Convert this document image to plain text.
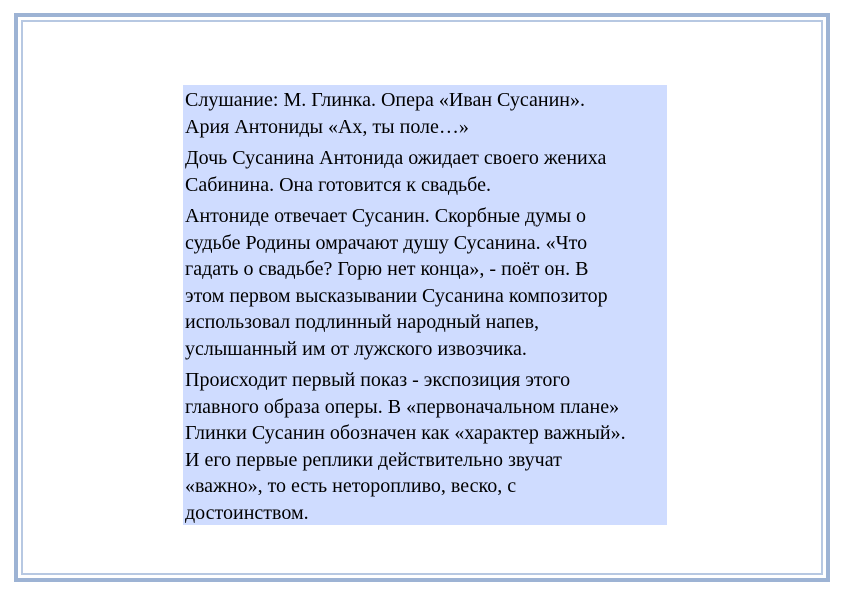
Слушание: М. Глинка. Опера «Иван Сусанин».
Ария Антониды «Ах, ты поле…»

Дочь Сусанина Антонида ожидает своего жениха
Сабинина. Она готовится к свадьбе.

Антониде отвечает Сусанин. Скорбные думы о
судьбе Родины омрачают душу Сусанина. «Что
гадать о свадьбе? Горю нет конца», - поёт он. В
этом первом высказывании Сусанина композитор
использовал подлинный народный напев,
услышанный им от лужского извозчика.

Происходит первый показ - экспозиция этого
главного образа оперы. В «первоначальном плане»
Глинки Сусанин обозначен как «характер важный».
И его первые реплики действительно звучат
«важно», то есть неторопливо, веско, с
достоинством.
